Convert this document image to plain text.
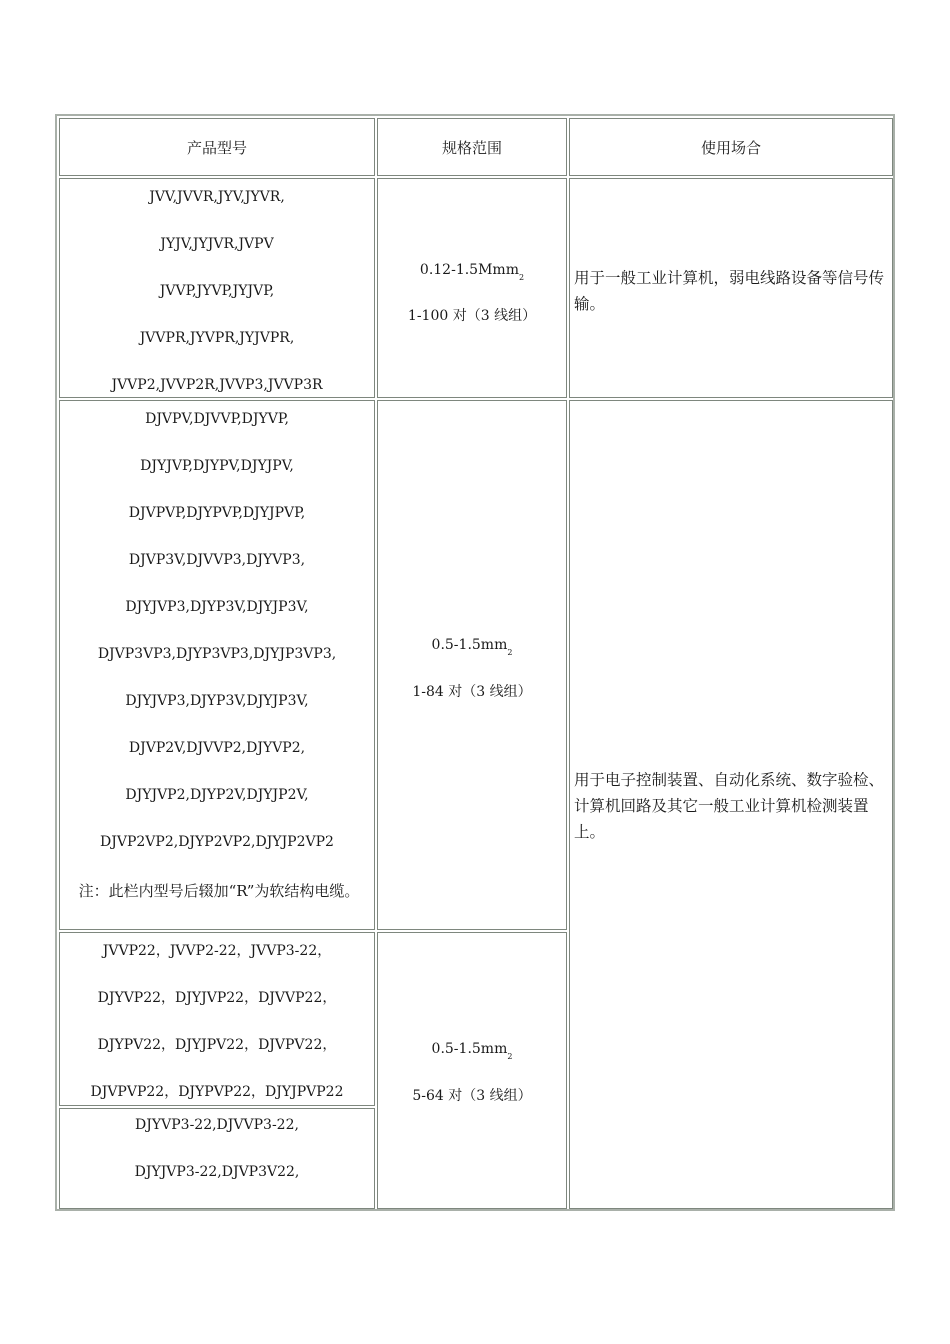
产品型号	规格范围	使用场合
JVV,JVVR,JYV,JYVR,
JYJV,JYJVR,JVPV
JVVP,JYVP,JYJVP,
JVVPR,JYVPR,JYJVPR,
JVVP2,JVVP2R,JVVP3,JVVP3R
0.12-1.5Mmm$_2$
1-100 对（3 线组）
用于一般工业计算机，弱电线路设备等信号传输。
DJVPV,DJVVP,DJYVP,
DJYJVP,DJYPV,DJYJPV,
DJVPVP,DJYPVP,DJYJPVP,
DJVP3V,DJVVP3,DJYVP3,
DJYJVP3,DJYP3V,DJYJP3V,
DJVP3VP3,DJYP3VP3,DJYJP3VP3,
DJYJVP3,DJYP3V,DJYJP3V,
DJVP2V,DJVVP2,DJYVP2,
DJYJVP2,DJYP2V,DJYJP2V,
DJVP2VP2,DJYP2VP2,DJYJP2VP2
注：此栏内型号后辍加“R”为软结构电缆。
$0.5-1.5mm_2$
1-84 对（3 线组）
用于电子控制装置、自动化系统、数字验检、计算机回路及其它一般工业计算机检测装置上。
JVVP22，JVVP2-22，JVVP3-22，
DJYVP22，DJYJVP22，DJVVP22，
DJYPV22，DJYJPV22，DJVPV22，
DJVPVP22，DJYPVP22，DJYJPVP22
$0.5-1.5mm_2$
5-64 对（3 线组）
DJYVP3-22,DJVVP3-22,
DJYJVP3-22,DJVP3V22,
